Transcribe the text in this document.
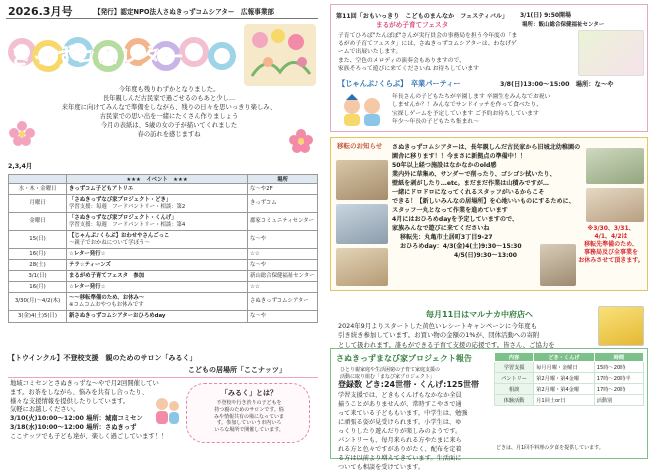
2026.3月号	【発行】認定NPO法人さぬきっずコムシアター　広報事業部
きっずコムレター
今年度も残りわずかとなりました。
長年親しんだ古民家で過ごせるのもあと少し…
来年度に向けてみんなで準備をしながら、残りの日々を思いっきり楽しみ、
古民家での思い出を一緒にたくさん作りましょう
今月の表紙は、5歳の女の子が描いてくれました
春の訪れを感じますね
2,3,4月
	★★★　イベント　★★★	場所
水・木・金曜日	きっずコム子どもアトリエ	な〜や2F
月曜日	「さぬきっずなび家プロジェクト・どき」
学習支援：毎週　フードパントリー・相談：第2	きっずコム
金曜日	「さぬきっずなび家プロジェクト・くんげ」
学習支援：毎週　フードパントリー・相談：第4	郡家コミュニティセンター
15(日)	【じゃんぷ♪くらぶ】おわせやさんごっこ
〜親子でおかねについて学ぼう〜	な〜や
16(月)	☆レター発行☆	☆☆
28(土)	テラ☆ティーンズ	な〜や
3/1(日)	まるがめ子育てフェスタ　参加	新山総合保健福祉センター
16(月)	☆レター発行☆	☆☆
3/30(月)〜4/2(木)	〜〜移転準備のため、お休み〜
※コムコムおやつもお休みです	さぬきっずコムシアター
3(金)4(土)5(日)	新さぬきっずコムシアターおひろめday	な〜や
【トウインクル】不登校支援　親のためのサロン「みるく」
こどもの居場所「ここナッツ」
地域コミセンとさぬきっずな〜やで月2回開催してい
ます。お茶をしながら、悩みを共有し合ったり、
様々な支援情報を提供したりしています。
気軽にお越しください。
3/10(火)10:00〜12:00 場所：城南コミセン
3/18(水)10:00〜12:00 場所：さぬきっず
ここナッツでも子ども達が、楽しく過ごしています！！
「みるく」とは？
不登校や行き渋りの子どもを
持つ親のためのサロンです。悩
みや情報共有の場になっていま
す。参加していいう市内いろ
いろな場所で開催しています。
第11回「おもいっきり　こどものまんなか　フェスティバル」
まるがめ子育てフェスタ
3/1(日) 9:50開場
場所：飯山総合保健福祉センター
子育てひろば"たんぽぽ"さんが実行員会の事務局を担う今年度の「ま
るがめ子育てフェスタ」には、さぬきっずコムシアターは、わなげゲ
ームで出展いたします。
また、空色のメロディの演奏会もありますので、
家族そろって遊びに来てくださいね お待ちしています
【じゃんぷ♪くらぶ】　卒業パーティー	3/8(日)13:00〜15:00　場所：な〜や
年長さんの子どもたちが卒園します 卒園生をみんなでお祝い
しませんか？！みんなでサンドイッチを作って食べたり、
宝探しゲームを予定しています ご予約お待ちしています
年少〜年長の子どもたち集まれ〜
移転のお知らせ さぬきっずコムシアターは、長年親しんだ古民家から旧城北幼稚園の
園舎に移ります！！今まさに新拠点の準備中！！
50年以上経つ施設はなかなかのold感
業内外に草集め、サンダーで削ったり、ゴシゴシ拭いたり、
壁紙を剥がしたり…etc。まだまだ作業は山積みですが…
一緒にドロドロになってくれるスタッフがいるからこそ
できる！【新しいみんなの居場所】を心地いいものにするために、
スタッフ一丸となって作業を進めています
4月にはおひろめdayを予定していますので、
家族みんなで遊びに来てくださいね
移転先：丸亀市土居町3丁目9-27
おひろめday：4/3(金)4(土)9:30〜15:30
4/5(日)9:30〜13:00
※3/30、3/31、
4/1、4/2は
移転先準備のため、
事務局及び全事業を
お休みさせて頂きます。
毎月11日はマルナカ中府店へ
2024年9月よりスタートした黄色いレシートキャンペーンに今年度も
引き続き参加しています。お買い物の金額の1%が、団体活動への寄附
として扱われます。誰もができる子育て支援の応援です。皆さん、ご協力を
さぬきっずまなび家プロジェクト報告
ひとり親家庭や生活困窮の子育て家庭支援の
活動に取り組む「まなび家プロジェクト」
登録数 どき:24世帯・くんげ:125世帯
学習支援では、どきもくんげもなかなか全員
揃うことがありませんが、常時すこやさで通
って来ている子どももいます。中学生は、勉強
に頑張る姿が見受けられます。小学生は、ゆ
っくりしたり遊んだりが楽しみのようです。
パントリーも、毎月来られる方やたまに来ら
れる方と色々ですがありがたく、配布を定着
る方は以前より増えてきています。生活面に
ついても相談を受けています。
内容	どき・くんげ	時間
学習支援	毎月月曜・金曜日	15時〜20時
パントリー	第2月曜・第4金曜	17時〜20時半
相談	第2月曜・第4金曜	17時〜20時
体験活動	月1回土or日	活動別
どきは、月1回手料理の夕食を提供しています。
